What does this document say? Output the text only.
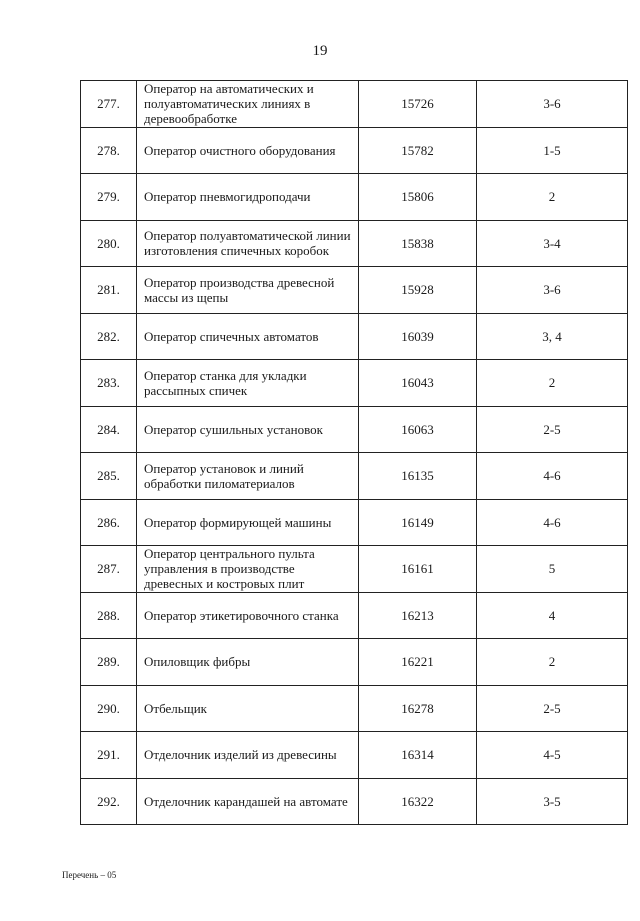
19
277.	Оператор на автоматических и полуавтоматических линиях в деревообработке	15726	3-6
278.	Оператор очистного оборудования	15782	1-5
279.	Оператор пневмогидроподачи	15806	2
280.	Оператор полуавтоматической линии изготовления спичечных коробок	15838	3-4
281.	Оператор производства древесной массы из щепы	15928	3-6
282.	Оператор спичечных автоматов	16039	3, 4
283.	Оператор станка для укладки рассыпных спичек	16043	2
284.	Оператор сушильных установок	16063	2-5
285.	Оператор установок и линий обработки пиломатериалов	16135	4-6
286.	Оператор формирующей машины	16149	4-6
287.	Оператор центрального пульта управления в производстве древесных и костровых плит	16161	5
288.	Оператор этикетировочного станка	16213	4
289.	Опиловщик фибры	16221	2
290.	Отбельщик	16278	2-5
291.	Отделочник изделий из древесины	16314	4-5
292.	Отделочник карандашей на автомате	16322	3-5
Перечень – 05
